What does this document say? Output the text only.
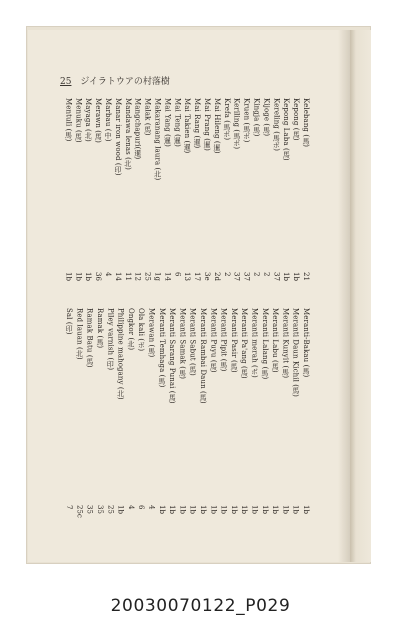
25 ジイラトウアの村落樹
Kelebang (馬)
21
Kepong (馬)
1b
Kepong Laba (馬)
1b
Kereling (馬ボ)
37
Kijoge (馬)
2
Kingja (馬)
2
Kruen (馬ボ)
37
Keriling (馬ボ)
37
Krefa (馬ボ)
2
Mai Hileng (暹)
2d
Mai Prang (暹)
3e
Mai Rang (暹)
17
Mai Takien (暹)
13
Mai Teng (暹)
6
Mai Yang (暹)
14
Makaranang laura (北)
1g
Malak (馬)
25
Mangchapuri(暹)
12
Mandawa lenas (北)
11
Manar iron wood (印)
14
Marbau (中)
4
Merawn (馬)
36
Mayaga (北)
1b
Menuku (馬)
1b
Mentuli (馬)
1b
Meranti-Bakau (馬)
1b
Meranti Daun Kichil (馬)
1b
Meranti Kunyit (馬)
1b
Meranti Labu (馬)
1b
Meranti Lalang (馬)
1b
Meranti merah (ボ)
1b
Meranti Pa'ang (馬)
1b
Meranti Pasir (馬)
1b
Meranti Pipit (馬)
1b
Meranti Puyu (馬)
1b
Meranti Rambai Daun (馬)
1b
Meranti Sabut (馬)
1b
Meranti Samak (馬)
1b
Meranti Sarang Punai (馬)
1b
Meranti Temhaga (馬)
1b
Merawan (馬)
4
Ola kali (ボ)
6
Ongkor (北)
4
Philippine mahogany (北)
1b
Piley varnish (印)
25
Ramak (馬)
35
Ramak Batu (馬)
35
Red lauan (北)
25c
Sal (印)
7
20030070122_P029
